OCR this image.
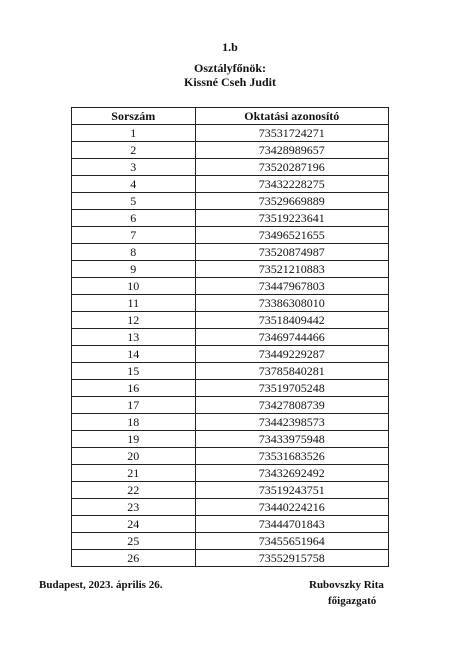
1.b
Osztályfőnök:
Kissné Cseh Judit
Sorszám	Oktatási azonosító
1	73531724271
2	73428989657
3	73520287196
4	73432228275
5	73529669889
6	73519223641
7	73496521655
8	73520874987
9	73521210883
10	73447967803
11	73386308010
12	73518409442
13	73469744466
14	73449229287
15	73785840281
16	73519705248
17	73427808739
18	73442398573
19	73433975948
20	73531683526
21	73432692492
22	73519243751
23	73440224216
24	73444701843
25	73455651964
26	73552915758
Budapest, 2023. április 26.	Rubovszky Rita
főigazgató
